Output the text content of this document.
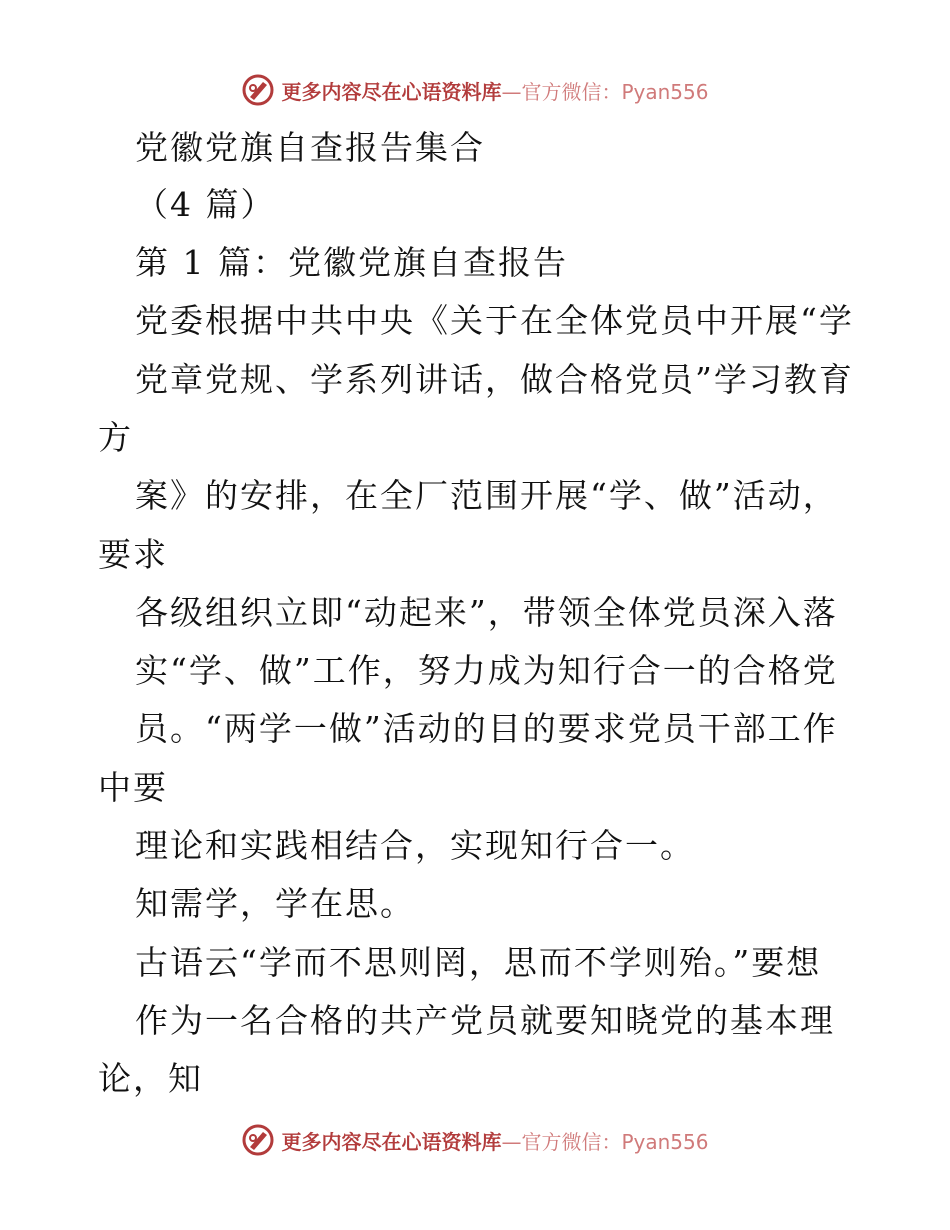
更多内容尽在心语资料库 —官方微信：Pyan556
党徽党旗自查报告集合
（4 篇）
第 1 篇：党徽党旗自查报告
党委根据中共中央《关于在全体党员中开展“学
党章党规、学系列讲话，做合格党员”学习教育
方
案》的安排，在全厂范围开展“学、做”活动，
要求
各级组织立即“动起来”，带领全体党员深入落
实“学、做”工作，努力成为知行合一的合格党
员。“两学一做”活动的目的要求党员干部工作
中要
理论和实践相结合，实现知行合一。
知需学，学在思。
古语云“学而不思则罔，思而不学则殆。”要想
作为一名合格的共产党员就要知晓党的基本理
论，知
更多内容尽在心语资料库 —官方微信：Pyan556
